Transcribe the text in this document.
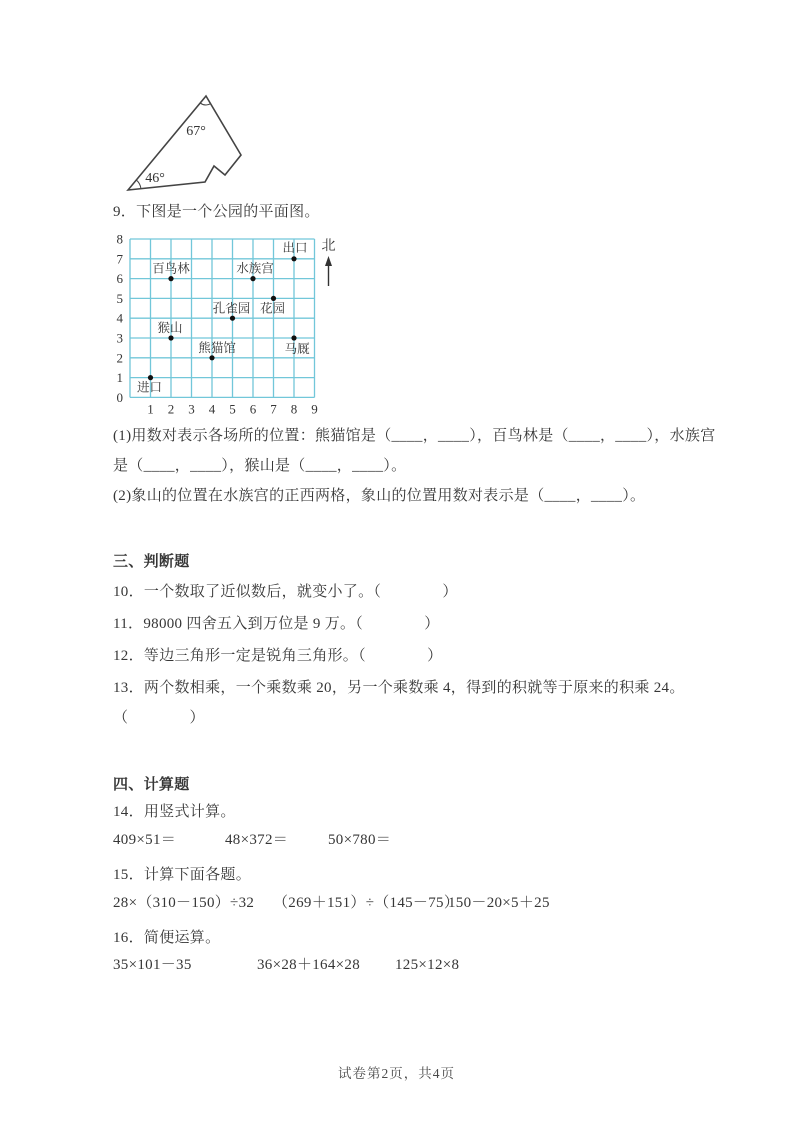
67°
46°
9．下图是一个公园的平面图。
0
1
2
3
4
5
6
7
8
1 2 3 4 5 6 7 8 9
出口
百鸟林	水族宫
花园
孔雀园
猴山
马厩
熊猫馆
进口
北
(1)用数对表示各场所的位置：熊猫馆是（____，____），百鸟林是（____，____），水族宫
是（____，____），猴山是（____，____）。
(2)象山的位置在水族宫的正西两格，象山的位置用数对表示是（____，____）。
三、判断题
10．一个数取了近似数后，就变小了。（　　　　）
11．98000 四舍五入到万位是 9 万。（　　　　）
12．等边三角形一定是锐角三角形。（　　　　）
13．两个数相乘，一个乘数乘 20，另一个乘数乘 4，得到的积就等于原来的积乘 24。
（　　　　）
四、计算题
14．用竖式计算。
409×51＝	48×372＝	50×780＝
15．计算下面各题。
28×（310－150）÷32 （269＋151）÷（145－75）
150－20×5＋25
16．简便运算。
35×101－35	36×28＋164×28 125×12×8
试卷第2页，共4页
